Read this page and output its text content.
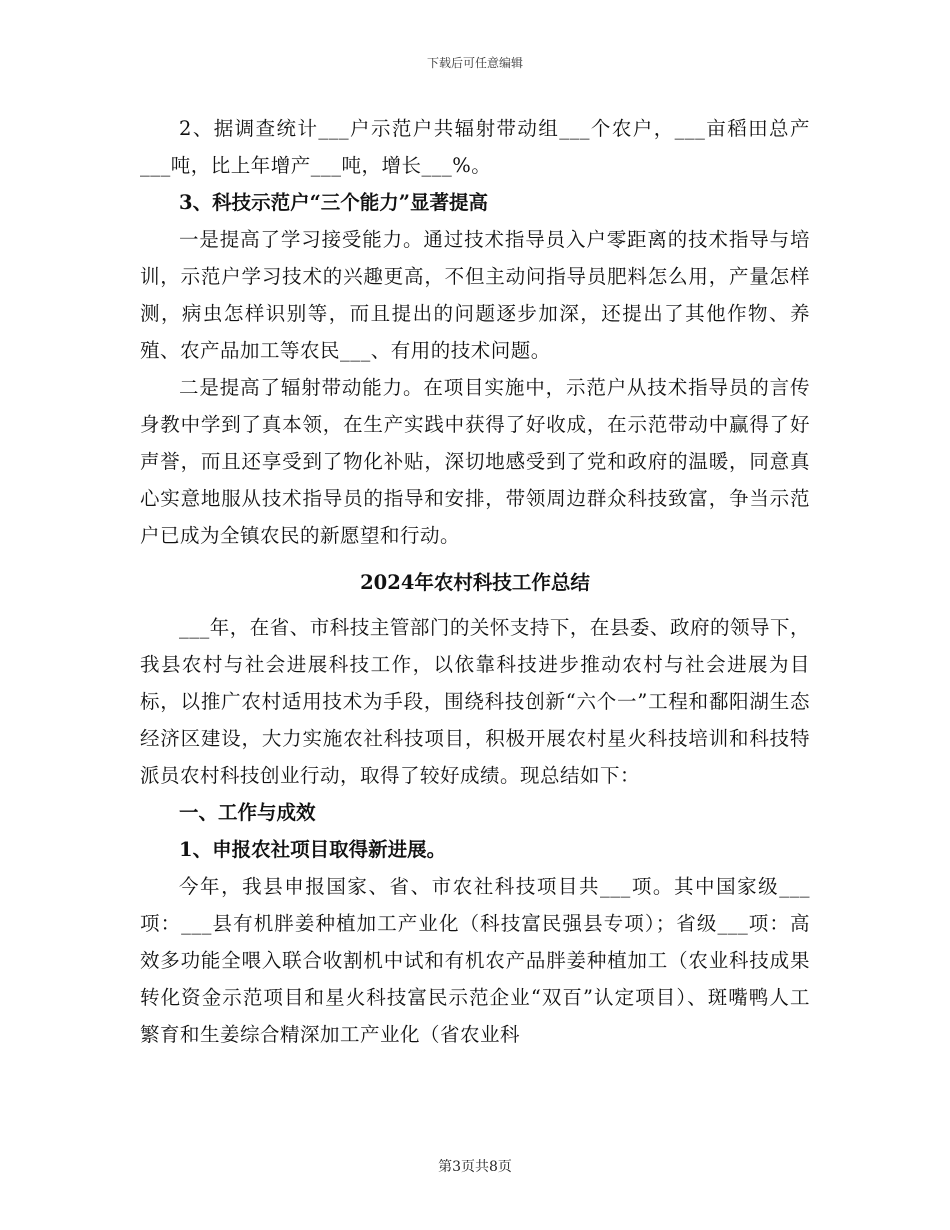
下载后可任意编辑

2、据调查统计___户示范户共辐射带动组___个农户，___亩稻田总产___吨，比上年增产___吨，增长___%。

3、科技示范户“三个能力”显著提高

一是提高了学习接受能力。通过技术指导员入户零距离的技术指导与培训，示范户学习技术的兴趣更高，不但主动问指导员肥料怎么用，产量怎样测，病虫怎样识别等，而且提出的问题逐步加深，还提出了其他作物、养殖、农产品加工等农民___、有用的技术问题。

二是提高了辐射带动能力。在项目实施中，示范户从技术指导员的言传身教中学到了真本领，在生产实践中获得了好收成，在示范带动中赢得了好声誉，而且还享受到了物化补贴，深切地感受到了党和政府的温暖，同意真心实意地服从技术指导员的指导和安排，带领周边群众科技致富，争当示范户已成为全镇农民的新愿望和行动。

2024年农村科技工作总结

___年，在省、市科技主管部门的关怀支持下，在县委、政府的领导下，我县农村与社会进展科技工作，以依靠科技进步推动农村与社会进展为目标，以推广农村适用技术为手段，围绕科技创新“六个一”工程和鄱阳湖生态经济区建设，大力实施农社科技项目，积极开展农村星火科技培训和科技特派员农村科技创业行动，取得了较好成绩。现总结如下：

一、工作与成效

1、申报农社项目取得新进展。

今年，我县申报国家、省、市农社科技项目共___项。其中国家级___项：___县有机胖姜种植加工产业化（科技富民强县专项）；省级___项：高效多功能全喂入联合收割机中试和有机农产品胖姜种植加工（农业科技成果转化资金示范项目和星火科技富民示范企业“双百”认定项目）、斑嘴鸭人工繁育和生姜综合精深加工产业化（省农业科

第3页共8页
